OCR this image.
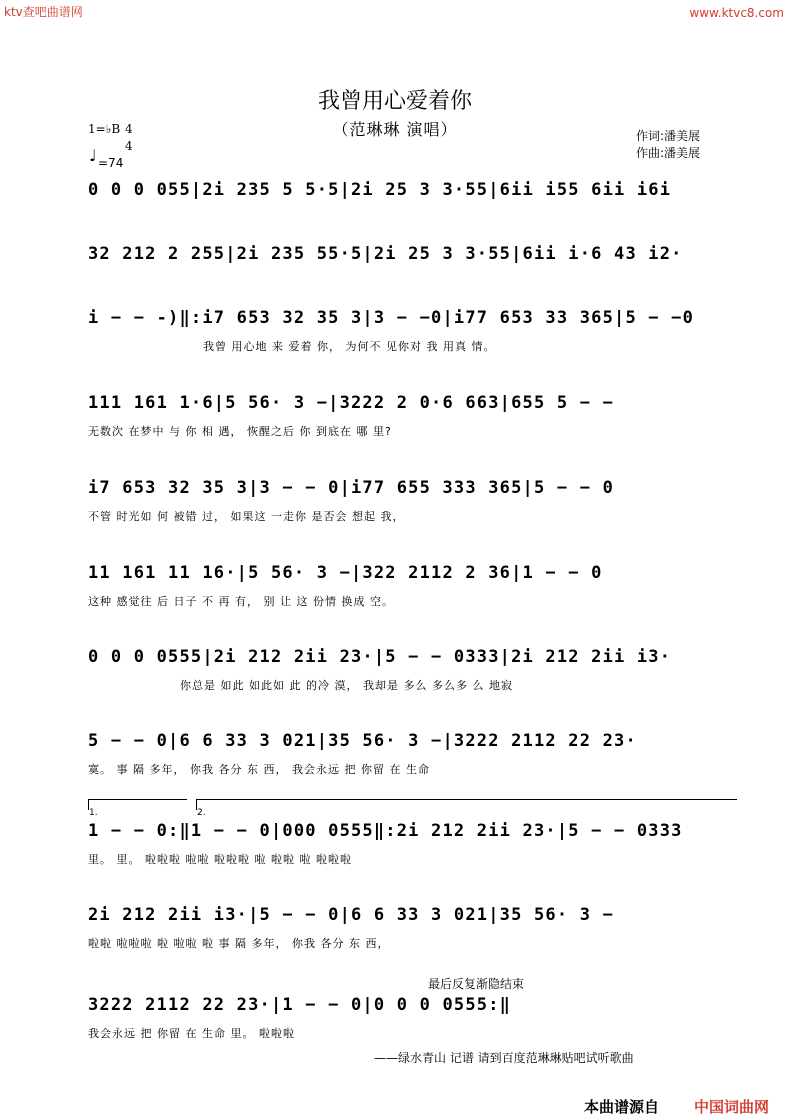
ktv查吧曲谱网	www.ktvc8.com
我曾用心爱着你
（范琳琳 演唱）	作词:潘美展
作曲:潘美展
1=♭B 4
4
♩ =74
0 0 0 055|2i 235 5 5·5|2i 25 3 3·55|6ii i55 6ii i6i
32 212 2 255|2i 235 55·5|2i 25 3 3·55|6ii i·6 43 i2·
i − − ‑)‖:i7 653 32 35 3|3 − −0|i77 653 33 365|5 − −0
我曾 用心地 来 爱着 你， 为何不 见你对 我 用真 情。
111 161 1·6|5 56· 3 −|3222 2 0·6 663|655 5 − −
无数次 在梦中 与 你 相 遇， 恢醒之后 你 到底在 哪 里?
i7 653 32 35 3|3 − − 0|i77 655 333 365|5 − − 0
不管 时光如 何 被错 过， 如果这 一走你 是否会 想起 我，
11 161 11 16·|5 56· 3 −|322 2112 2 36|1 − − 0
这种 感觉往 后 日子 不 再 有， 别 让 这 份情 换成 空。
0 0 0 0555|2i 212 2ii 23·|5 − − 0333|2i 212 2ii i3·
你总是 如此 如此如 此 的冷 漠， 我却是 多么 多么多 么 地寂
5 − − 0|6 6 33 3 021|35 56· 3 −|3222 2112 22 23·
寞。 事 隔 多年， 你我 各分 东 西， 我会永远 把 你留 在 生命
1.	2.
1 − − 0:‖1 − − 0|000 0555‖:2i 212 2ii 23·|5 − − 0333
里。 里。 啦啦啦 啦啦 啦啦啦 啦 啦啦 啦 啦啦啦
2i 212 2ii i3·|5 − − 0|6 6 33 3 021|35 56· 3 −
啦啦 啦啦啦 啦 啦啦 啦 事 隔 多年， 你我 各分 东 西，
最后反复渐隐结束
3222 2112 22 23·|1 − − 0|0 0 0 0555:‖
我会永远 把 你留 在 生命 里。 啦啦啦
——绿水青山 记谱 请到百度范琳琳贴吧试听歌曲
本曲谱源自 中国词曲网
